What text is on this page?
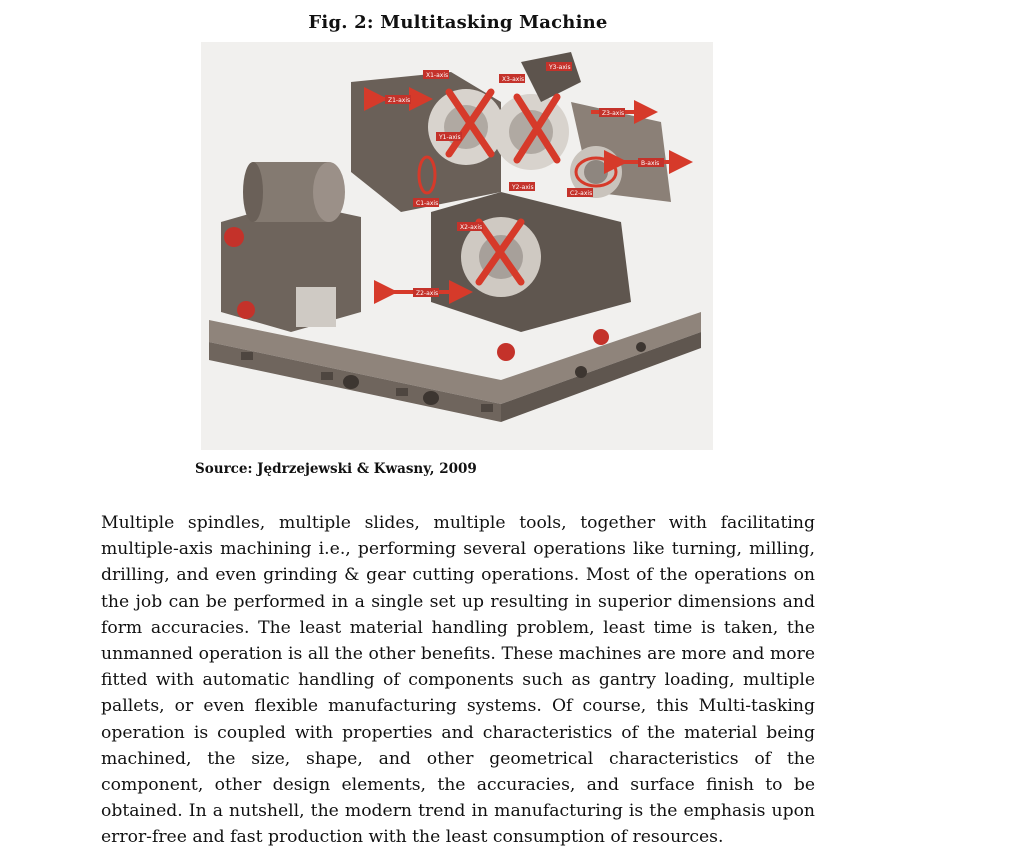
Fig. 2: Multitasking Machine
X1-axis
Z1-axis
Y1-axis
X3-axis
Y3-axis
Z3-axis
B-axis
Y2-axis
C2-axis
C1-axis
X2-axis
Z2-axis
Source: Jędrzejewski & Kwasny, 2009

Multiple spindles, multiple slides, multiple tools, together with facilitating multiple-axis machining i.e., performing several operations like turning, milling, drilling, and even grinding & gear cutting operations. Most of the operations on the job can be performed in a single set up resulting in superior dimensions and form accuracies. The least material handling problem, least time is taken, the unmanned operation is all the other benefits. These machines are more and more fitted with automatic handling of components such as gantry loading, multiple pallets, or even flexible manufacturing systems. Of course, this Multi-tasking operation is coupled with properties and characteristics of the material being machined, the size, shape, and other geometrical characteristics of the component, other design elements, the accuracies, and surface finish to be obtained. In a nutshell, the modern trend in manufacturing is the emphasis upon error-free and fast production with the least consumption of resources.
